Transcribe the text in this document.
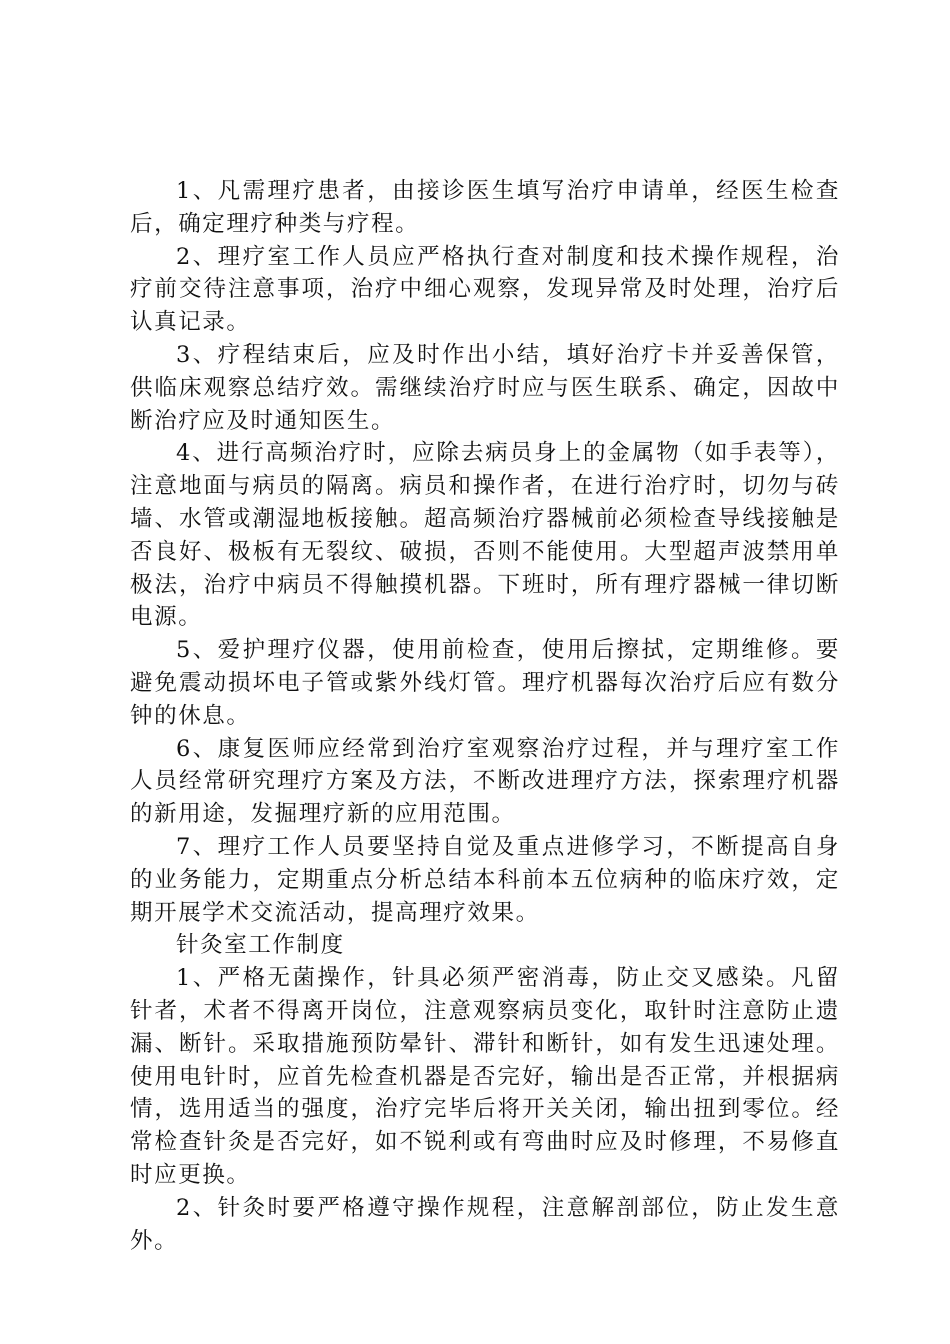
1、凡需理疗患者，由接诊医生填写治疗申请单，经医生检查后，确定理疗种类与疗程。

2、理疗室工作人员应严格执行查对制度和技术操作规程，治疗前交待注意事项，治疗中细心观察，发现异常及时处理，治疗后认真记录。

3、疗程结束后，应及时作出小结，填好治疗卡并妥善保管，供临床观察总结疗效。需继续治疗时应与医生联系、确定，因故中断治疗应及时通知医生。

4、进行高频治疗时，应除去病员身上的金属物（如手表等），注意地面与病员的隔离。病员和操作者，在进行治疗时，切勿与砖墙、水管或潮湿地板接触。超高频治疗器械前必须检查导线接触是否良好、极板有无裂纹、破损，否则不能使用。大型超声波禁用单极法，治疗中病员不得触摸机器。下班时，所有理疗器械一律切断电源。

5、爱护理疗仪器，使用前检查，使用后擦拭，定期维修。要避免震动损坏电子管或紫外线灯管。理疗机器每次治疗后应有数分钟的休息。

6、康复医师应经常到治疗室观察治疗过程，并与理疗室工作人员经常研究理疗方案及方法，不断改进理疗方法，探索理疗机器的新用途，发掘理疗新的应用范围。

7、理疗工作人员要坚持自觉及重点进修学习，不断提高自身的业务能力，定期重点分析总结本科前本五位病种的临床疗效，定期开展学术交流活动，提高理疗效果。

针灸室工作制度

1、严格无菌操作，针具必须严密消毒，防止交叉感染。凡留针者，术者不得离开岗位，注意观察病员变化，取针时注意防止遗漏、断针。采取措施预防晕针、滞针和断针，如有发生迅速处理。使用电针时，应首先检查机器是否完好，输出是否正常，并根据病情，选用适当的强度，治疗完毕后将开关关闭，输出扭到零位。经常检查针灸是否完好，如不锐利或有弯曲时应及时修理，不易修直时应更换。

2、针灸时要严格遵守操作规程，注意解剖部位，防止发生意外。
